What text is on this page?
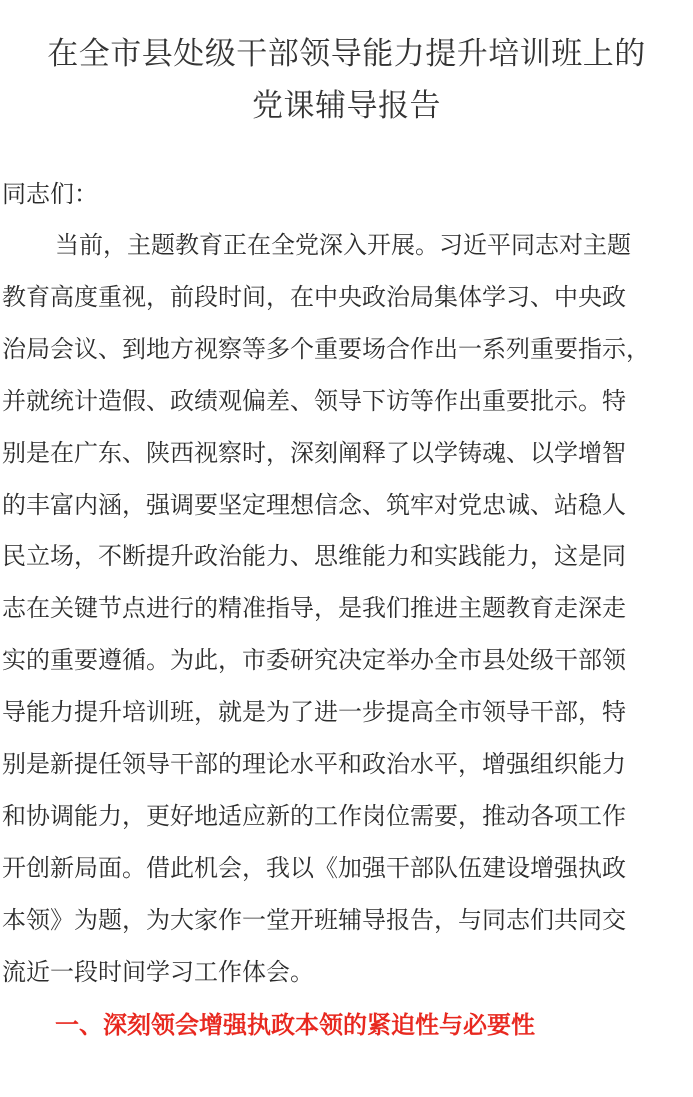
在全市县处级干部领导能力提升培训班上的
党课辅导报告

同志们：

当前，主题教育正在全党深入开展。习近平同志对主题
教育高度重视，前段时间，在中央政治局集体学习、中央政
治局会议、到地方视察等多个重要场合作出一系列重要指示，
并就统计造假、政绩观偏差、领导下访等作出重要批示。特
别是在广东、陕西视察时，深刻阐释了以学铸魂、以学增智
的丰富内涵，强调要坚定理想信念、筑牢对党忠诚、站稳人
民立场，不断提升政治能力、思维能力和实践能力，这是同
志在关键节点进行的精准指导，是我们推进主题教育走深走
实的重要遵循。为此，市委研究决定举办全市县处级干部领
导能力提升培训班，就是为了进一步提高全市领导干部，特
别是新提任领导干部的理论水平和政治水平，增强组织能力
和协调能力，更好地适应新的工作岗位需要，推动各项工作
开创新局面。借此机会，我以《加强干部队伍建设增强执政
本领》为题，为大家作一堂开班辅导报告，与同志们共同交
流近一段时间学习工作体会。
一、深刻领会增强执政本领的紧迫性与必要性
